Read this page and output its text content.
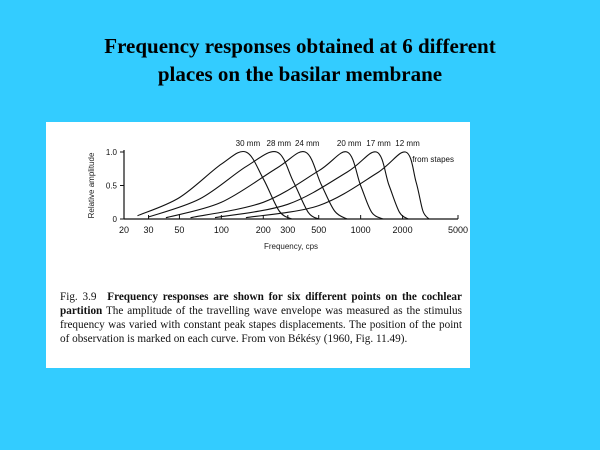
Frequency responses obtained at 6 different
places on the basilar membrane
20 30 50	100	200 300 500	1000 2000	5000
0
0.5
1.0
Frequency, cps
Relative amplitude
30 mm 28 mm 24 mm 20 mm 17 mm 12 mm
from stapes
Fig. 3.9 Frequency responses are shown for six different points on the cochlear partition The amplitude of the travelling wave envelope was measured as the stimulus frequency was varied with constant peak stapes displacements. The position of the point of observation is marked on each curve. From von Békésy (1960, Fig. 11.49).
